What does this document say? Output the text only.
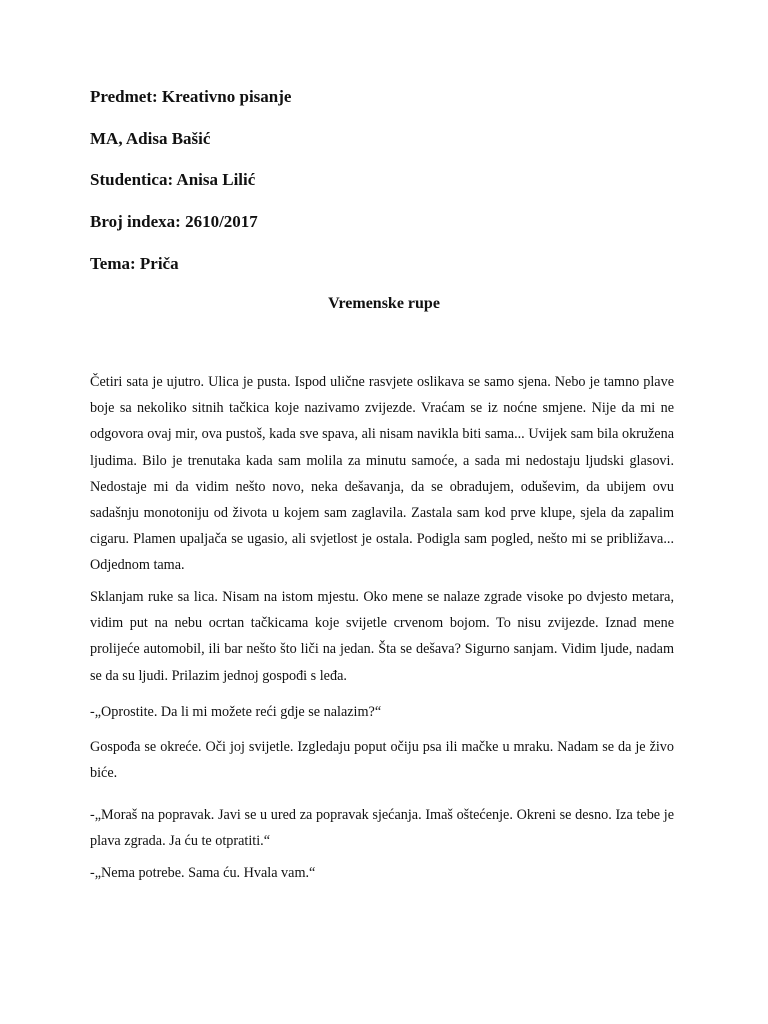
Predmet: Kreativno pisanje
MA, Adisa Bašić
Studentica: Anisa Lilić
Broj indexa: 2610/2017
Tema: Priča
Vremenske rupe

Četiri sata je ujutro. Ulica je pusta. Ispod ulične rasvjete oslikava se samo sjena. Nebo je tamno plave boje sa nekoliko sitnih tačkica koje nazivamo zvijezde. Vraćam se iz noćne smjene. Nije da mi ne odgovora ovaj mir, ova pustoš, kada sve spava, ali nisam navikla biti sama... Uvijek sam bila okružena ljudima. Bilo je trenutaka kada sam molila za minutu samoće, a sada mi nedostaju ljudski glasovi. Nedostaje mi da vidim nešto novo, neka dešavanja, da se obradujem, oduševim, da ubijem ovu sadašnju monotoniju od života u kojem sam zaglavila. Zastala sam kod prve klupe, sjela da zapalim cigaru. Plamen upaljača se ugasio, ali svjetlost je ostala. Podigla sam pogled, nešto mi se približava... Odjednom tama.

Sklanjam ruke sa lica. Nisam na istom mjestu. Oko mene se nalaze zgrade visoke po dvjesto metara, vidim put na nebu ocrtan tačkicama koje svijetle crvenom bojom. To nisu zvijezde. Iznad mene prolijeće automobil, ili bar nešto što liči na jedan. Šta se dešava? Sigurno sanjam. Vidim ljude, nadam se da su ljudi. Prilazim jednoj gospođi s leđa.

-„Oprostite. Da li mi možete reći gdje se nalazim?“

Gospođa se okreće. Oči joj svijetle. Izgledaju poput očiju psa ili mačke u mraku. Nadam se da je živo biće.

-„Moraš na popravak. Javi se u ured za popravak sjećanja. Imaš oštećenje. Okreni se desno. Iza tebe je plava zgrada. Ja ću te otpratiti.“

-„Nema potrebe. Sama ću. Hvala vam.“
